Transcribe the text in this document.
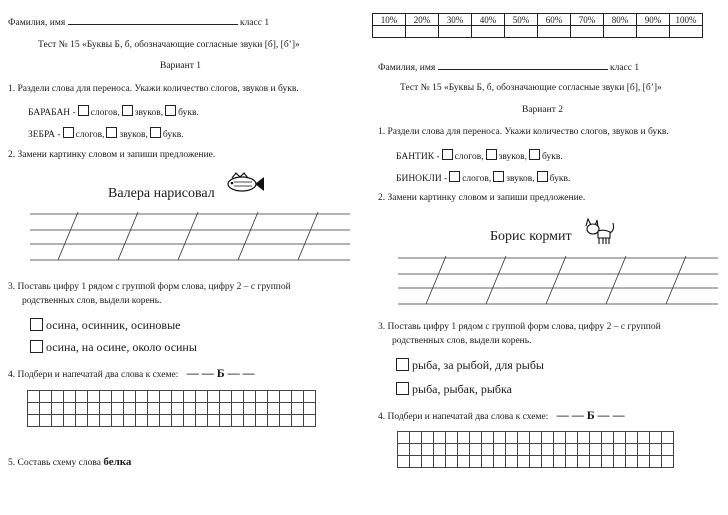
10%	20%	30%	40%	50%	60%	70%	80%	90%	100%

Фамилия, имя	класс 1
Тест № 15 «Буквы Б, б, обозначающие согласные звуки [б], [б’]»
Вариант 1
1. Раздели слова для переноса. Укажи количество слогов, звуков и букв.
БАРАБАН - слогов, звуков, букв.
ЗЕБРА - слогов, звуков, букв.
2. Замени картинку словом и запиши предложение.
Валера нарисовал
3. Поставь цифру 1 рядом с группой форм слова, цифру 2 – с группой
родственных слов, выдели корень.
осина, осинник, осиновые
осина, на осине, около осины
4. Подбери и напечатай два слова к схеме: — — Б — —

5. Составь схему слова белка
Фамилия, имя	класс 1
Тест № 15 «Буквы Б, б, обозначающие согласные звуки [б], [б’]»
Вариант 2
1. Раздели слова для переноса. Укажи количество слогов, звуков и букв.
БАНТИК - слогов, звуков, букв.
БИНОКЛИ - слогов, звуков, букв.
2. Замени картинку словом и запиши предложение.
Борис кормит
3. Поставь цифру 1 рядом с группой форм слова, цифру 2 – с группой
родственных слов, выдели корень.
рыба, за рыбой, для рыбы
рыба, рыбак, рыбка
4. Подбери и напечатай два слова к схеме: — — Б — —
